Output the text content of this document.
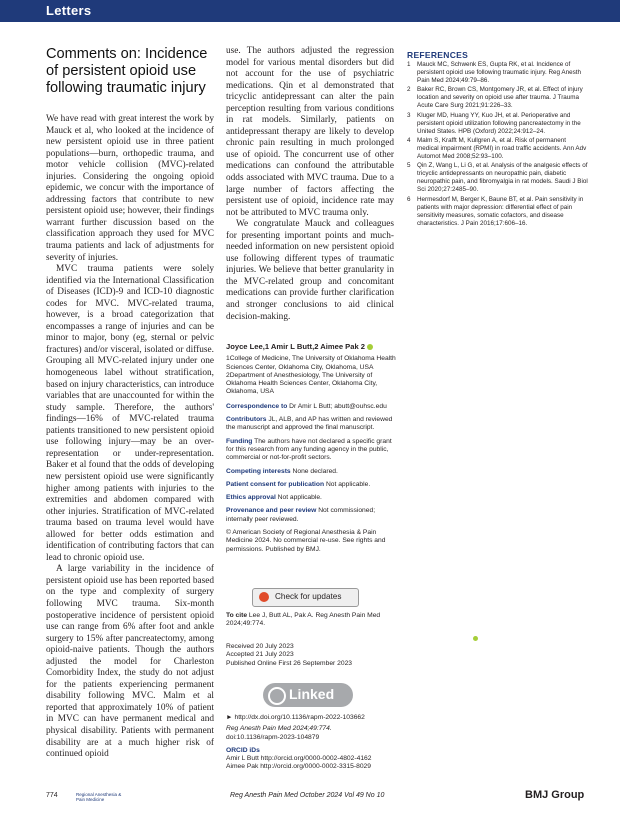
Letters
Comments on: Incidence of persistent opioid use following traumatic injury

We have read with great interest the work by Mauck et al, who looked at the incidence of new persistent opioid use in three patient populations—burn, orthopedic trauma, and motor vehicle collision (MVC)-related injuries. Considering the ongoing opioid epidemic, we concur with the importance of addressing factors that contribute to new persistent opioid use; however, their findings warrant further discussion based on the classification approach they used for MVC trauma patients and lack of adjustments for severity of injuries.

MVC trauma patients were solely identified via the International Classification of Diseases (ICD)-9 and ICD-10 diagnostic codes for MVC. MVC-related trauma, however, is a broad categorization that encompasses a range of injuries and can be minor to major, bony (eg, sternal or pelvic fractures) and/or visceral, isolated or diffuse. Grouping all MVC-related injury under one homogeneous label without stratification, based on injury characteristics, can introduce variables that are unaccounted for within the study sample. Therefore, the authors' findings—16% of MVC-related trauma patients transitioned to new persistent opioid use following injury—may be an over-representation or under-representation. Baker et al found that the odds of developing new persistent opioid use were significantly higher among patients with injuries to the extremities and abdomen compared with other injuries. Stratification of MVC-related trauma based on trauma level would have allowed for better odds estimation and identification of contributing factors that can lead to chronic opioid use.

A large variability in the incidence of persistent opioid use has been reported based on the type and complexity of surgery following MVC trauma. Six-month postoperative incidence of persistent opioid use can range from 6% after foot and ankle surgery to 15% after pancreatectomy, among opioid-naive patients. Though the authors adjusted the model for Charleston Comorbidity Index, the study do not adjust for the patients experiencing permanent disability following MVC. Malm et al reported that approximately 10% of patient in MVC can have permanent medical and physical disability. Patients with permanent disability are at a much higher risk of continued opioid

use. The authors adjusted the regression model for various mental disorders but did not account for the use of psychiatric medications. Qin et al demonstrated that tricyclic antidepressant can alter the pain perception resulting from various conditions in rat models. Similarly, patients on antidepressant therapy are likely to develop chronic pain resulting in much prolonged use of opioid. The concurrent use of other medications can confound the attributable odds associated with MVC trauma. Due to a large number of factors affecting the persistent use of opioid, incidence rate may not be attributed to MVC trauma only.

We congratulate Mauck and colleagues for presenting important points and much-needed information on new persistent opioid use following different types of traumatic injuries. We believe that better granularity in the MVC-related group and concomitant medications can provide further clarification and stronger conclusions to aid clinical decision-making.

Joyce Lee,1 Amir L Butt,2 Aimee Pak 2
1College of Medicine, The University of Oklahoma Health Sciences Center, Oklahoma City, Oklahoma, USA
2Department of Anesthesiology, The University of Oklahoma Health Sciences Center, Oklahoma City, Oklahoma, USA
Correspondence to Dr Amir L Butt; abutt@ouhsc.edu
Contributors JL, ALB, and AP has written and reviewed the manuscript and approved the final manuscript.
Funding The authors have not declared a specific grant for this research from any funding agency in the public, commercial or not-for-profit sectors.
Competing interests None declared.
Patient consent for publication Not applicable.
Ethics approval Not applicable.
Provenance and peer review Not commissioned; internally peer reviewed.
© American Society of Regional Anesthesia & Pain Medicine 2024. No commercial re-use. See rights and permissions. Published by BMJ.
Check for updates
To cite Lee J, Butt AL, Pak A. Reg Anesth Pain Med 2024;49:774.
Received 20 July 2023
Accepted 21 July 2023
Published Online First 26 September 2023
Linked
► http://dx.doi.org/10.1136/rapm-2022-103662
Reg Anesth Pain Med 2024;49:774.
doi:10.1136/rapm-2023-104879
ORCID iDs
Amir L Butt http://orcid.org/0000-0002-4802-4162
Aimee Pak http://orcid.org/0000-0002-3315-8029
REFERENCES
1	Mauck MC, Schwenk ES, Gupta RK, et al. Incidence of persistent opioid use following traumatic injury. Reg Anesth Pain Med 2024;49:79–86.
2	Baker RC, Brown CS, Montgomery JR, et al. Effect of injury location and severity on opioid use after trauma. J Trauma Acute Care Surg 2021;91:226–33.
3	Kluger MD, Huang YY, Kuo JH, et al. Perioperative and persistent opioid utilization following pancreatectomy in the United States. HPB (Oxford) 2022;24:912–24.
4	Malm S, Krafft M, Kullgren A, et al. Risk of permanent medical impairment (RPMI) in road traffic accidents. Ann Adv Automot Med 2008;52:93–100.
5	Qin Z, Wang L, Li G, et al. Analysis of the analgesic effects of tricyclic antidepressants on neuropathic pain, diabetic neuropathic pain, and fibromyalgia in rat models. Saudi J Biol Sci 2020;27:2485–90.
6	Hermesdorf M, Berger K, Baune BT, et al. Pain sensitivity in patients with major depression: differential effect of pain sensitivity measures, somatic cofactors, and disease characteristics. J Pain 2016;17:606–16.
774	Regional Anesthesia & Pain Medicine
Reg Anesth Pain Med October 2024 Vol 49 No 10	BMJ Group
